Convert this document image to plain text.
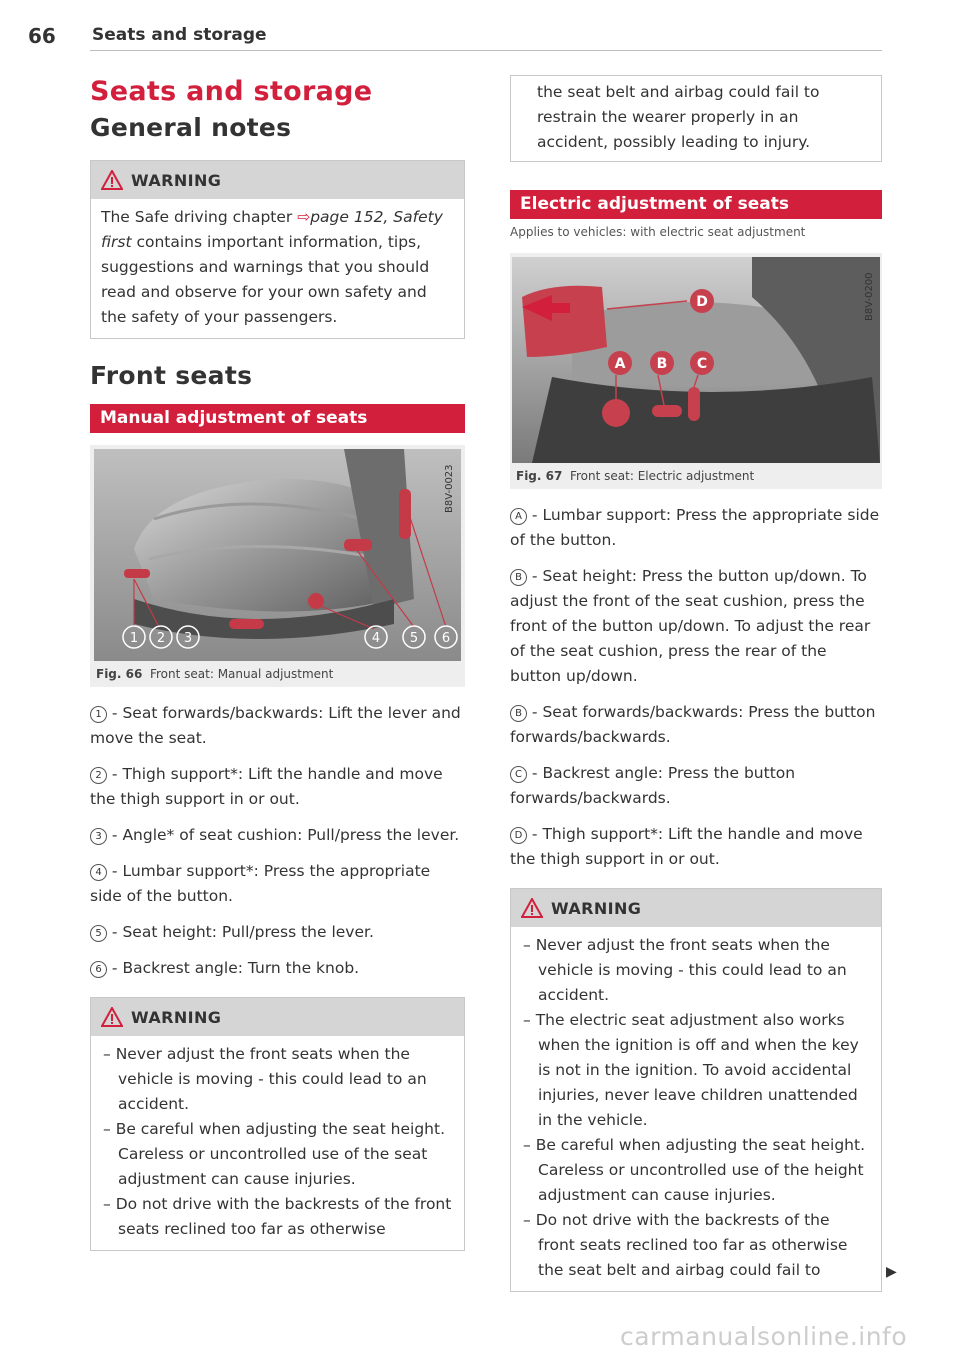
66 Seats and storage
Seats and storage
General notes
WARNING

The Safe driving chapter ⇨page 152, Safety first contains important information, tips, suggestions and warnings that you should read and observe for your own safety and the safety of your passengers.

Front seats
Manual adjustment of seats
1 2 3	4 5 6
B8V-0023
Fig. 66 Front seat: Manual adjustment
1 - Seat forwards/backwards: Lift the lever and move the seat.
2 - Thigh support*: Lift the handle and move the thigh support in or out.
3 - Angle* of seat cushion: Pull/press the lever.
4 - Lumbar support*: Press the appropriate side of the button.
5 - Seat height: Pull/press the lever.
6 - Backrest angle: Turn the knob.
WARNING
– Never adjust the front seats when the vehicle is moving - this could lead to an accident.
– Be careful when adjusting the seat height. Careless or uncontrolled use of the seat adjustment can cause injuries.
– Do not drive with the backrests of the front seats reclined too far as otherwise

the seat belt and airbag could fail to restrain the wearer properly in an accident, possibly leading to injury.

Electric adjustment of seats
Applies to vehicles: with electric seat adjustment
D
A B C
B8V-0200
Fig. 67 Front seat: Electric adjustment
A - Lumbar support: Press the appropriate side of the button.
B - Seat height: Press the button up/down. To adjust the front of the seat cushion, press the front of the button up/down. To adjust the rear of the seat cushion, press the rear of the button up/down.
B - Seat forwards/backwards: Press the button forwards/backwards.
C - Backrest angle: Press the button forwards/backwards.
D - Thigh support*: Lift the handle and move the thigh support in or out.
WARNING
– Never adjust the front seats when the vehicle is moving - this could lead to an accident.
– The electric seat adjustment also works when the ignition is off and when the key is not in the ignition. To avoid accidental injuries, never leave children unattended in the vehicle.
– Be careful when adjusting the seat height. Careless or uncontrolled use of the height adjustment can cause injuries.
– Do not drive with the backrests of the front seats reclined too far as otherwise the seat belt and airbag could fail to	▶
carmanualsonline.info
